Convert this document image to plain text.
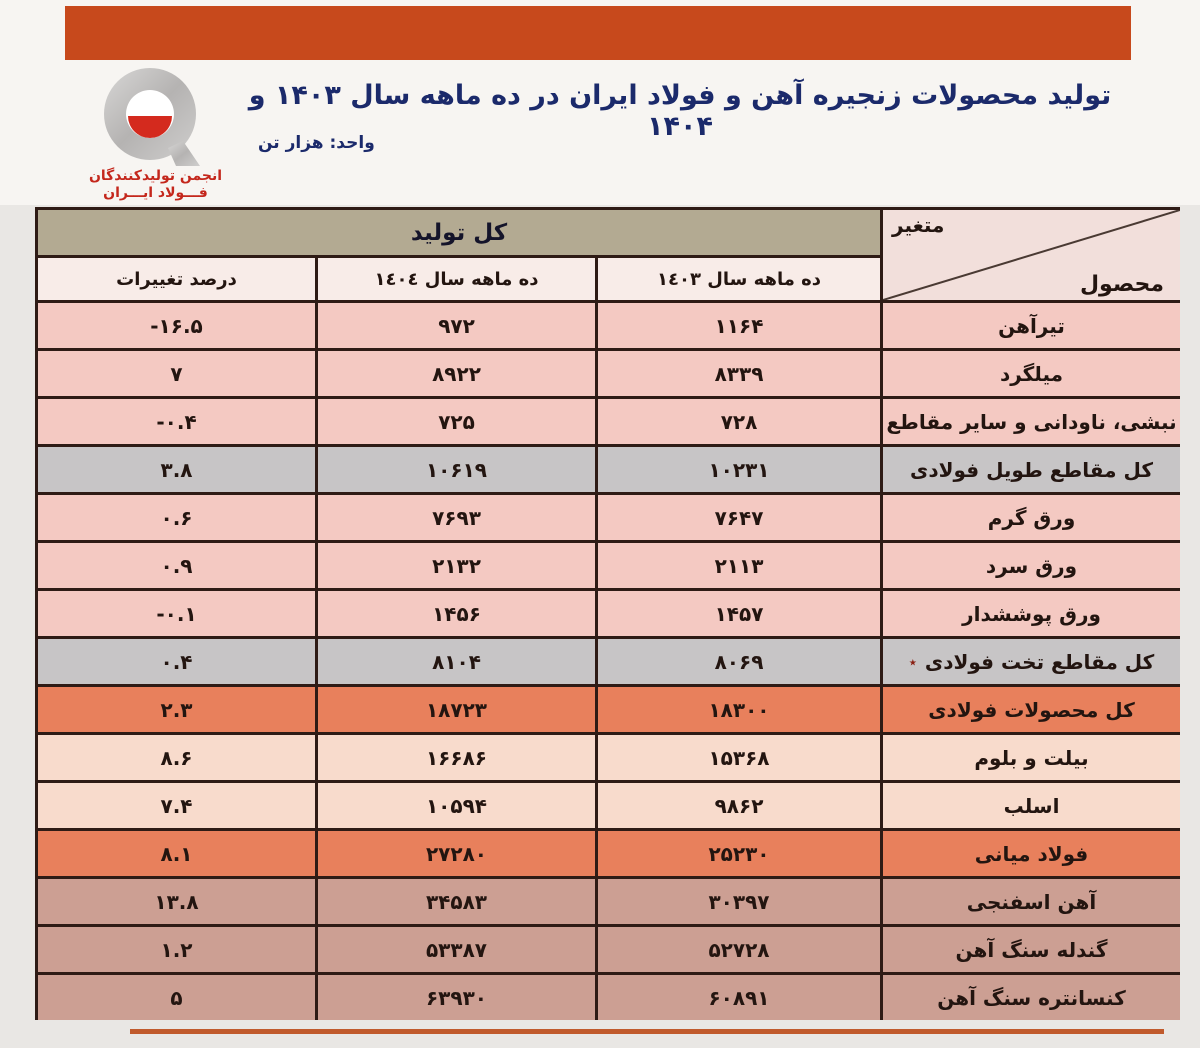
انجمن تولیدکنندگان
فـــولاد ایـــران
تولید محصولات زنجیره آهن و فولاد ایران در ده ماهه سال ۱۴۰۳ و ۱۴۰۴
واحد: هزار تن
متغیر
محصول
کل تولید
ده ماهه سال ١٤٠٣
ده ماهه سال ١٤٠٤
درصد تغییرات
تیرآهن
۱۱۶۴
۹۷۲
-۱۶.۵
میلگرد
۸۳۳۹
۸۹۲۲
۷
نبشی، ناودانی و سایر مقاطع
۷۲۸
۷۲۵
-۰.۴
کل مقاطع طویل فولادی
۱۰۲۳۱
۱۰۶۱۹
۳.۸
ورق گرم
۷۶۴۷
۷۶۹۳
۰.۶
ورق سرد
۲۱۱۳
۲۱۳۲
۰.۹
ورق پوششدار
۱۴۵۷
۱۴۵۶
-۰.۱
٭ کل مقاطع تخت فولادی
۸۰۶۹
۸۱۰۴
۰.۴
کل محصولات فولادی
۱۸۳۰۰
۱۸۷۲۳
۲.۳
بیلت و بلوم
۱۵۳۶۸
۱۶۶۸۶
۸.۶
اسلب
۹۸۶۲
۱۰۵۹۴
۷.۴
فولاد میانی
۲۵۲۳۰
۲۷۲۸۰
۸.۱
آهن اسفنجی
۳۰۳۹۷
۳۴۵۸۳
۱۳.۸
گندله سنگ آهن
۵۲۷۲۸
۵۳۳۸۷
۱.۲
کنسانتره سنگ آهن
۶۰۸۹۱
۶۳۹۳۰
۵
